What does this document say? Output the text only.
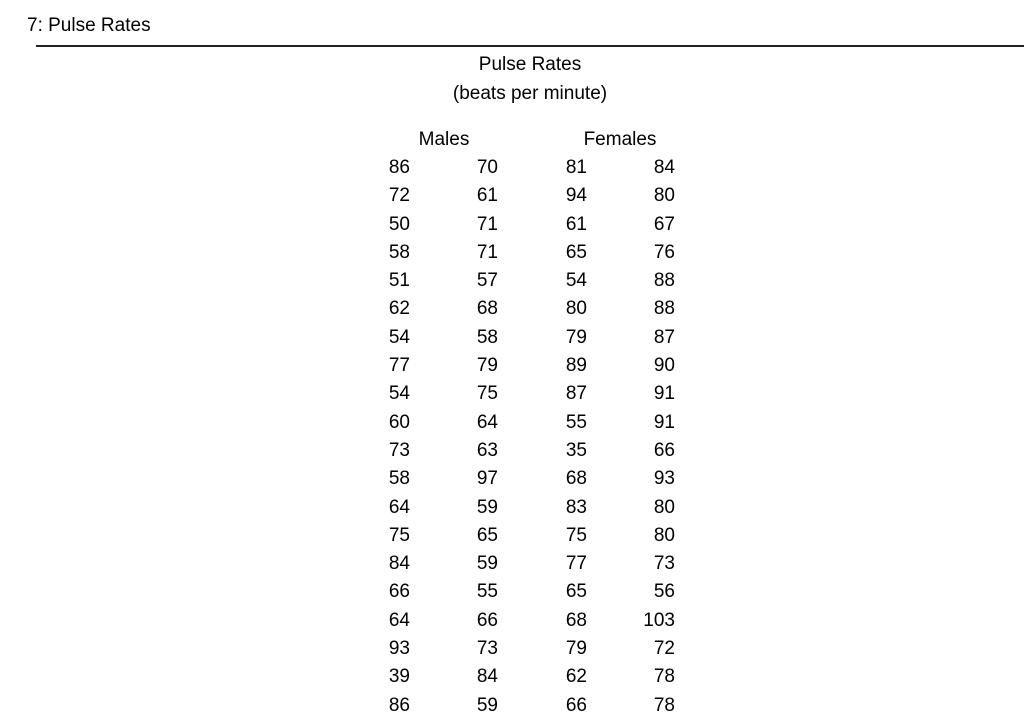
7: Pulse Rates
Pulse Rates
(beats per minute)
Males	Females
86	70	81	84
72	61	94	80
50	71	61	67
58	71	65	76
51	57	54	88
62	68	80	88
54	58	79	87
77	79	89	90
54	75	87	91
60	64	55	91
73	63	35	66
58	97	68	93
64	59	83	80
75	65	75	80
84	59	77	73
66	55	65	56
64	66	68	103
93	73	79	72
39	84	62	78
86	59	66	78
